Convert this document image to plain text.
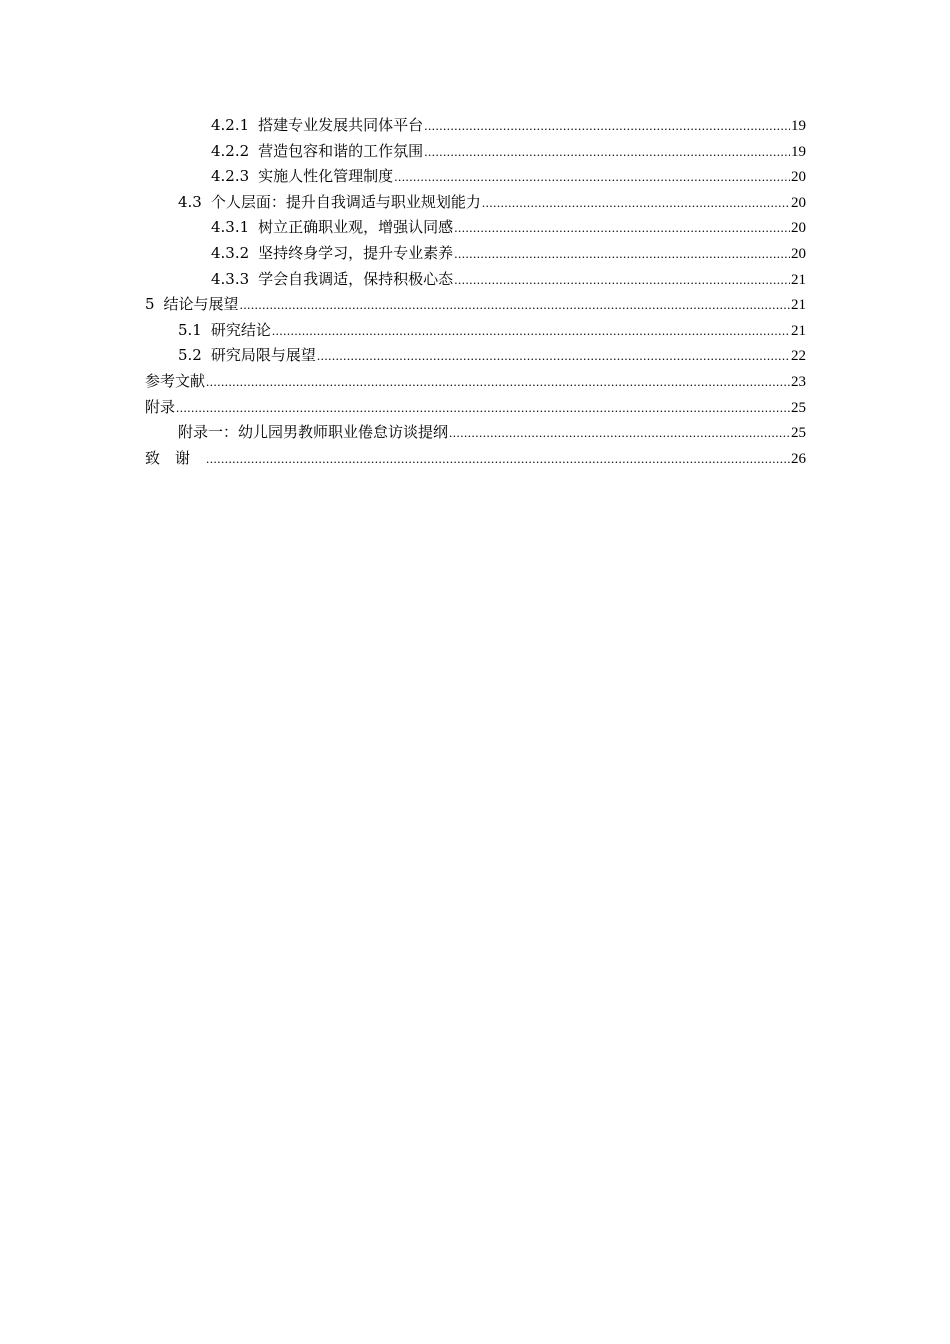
4.2.1 搭建专业发展共同体平台 .....	19
4.2.2 营造包容和谐的工作氛围 .....	19
4.2.3 实施人性化管理制度 .....	20
4.3 个人层面：提升自我调适与职业规划能力 .....	20
4.3.1 树立正确职业观，增强认同感 .....	20
4.3.2 坚持终身学习，提升专业素养 .....	20
4.3.3 学会自我调适，保持积极心态 .....	21
5 结论与展望 .....	21
5.1 研究结论 .....	21
5.2 研究局限与展望 .....	22
参考文献 .....	23
附录 .....	25
附录一：幼儿园男教师职业倦怠访谈提纲 .....	25
致谢 .....	26
